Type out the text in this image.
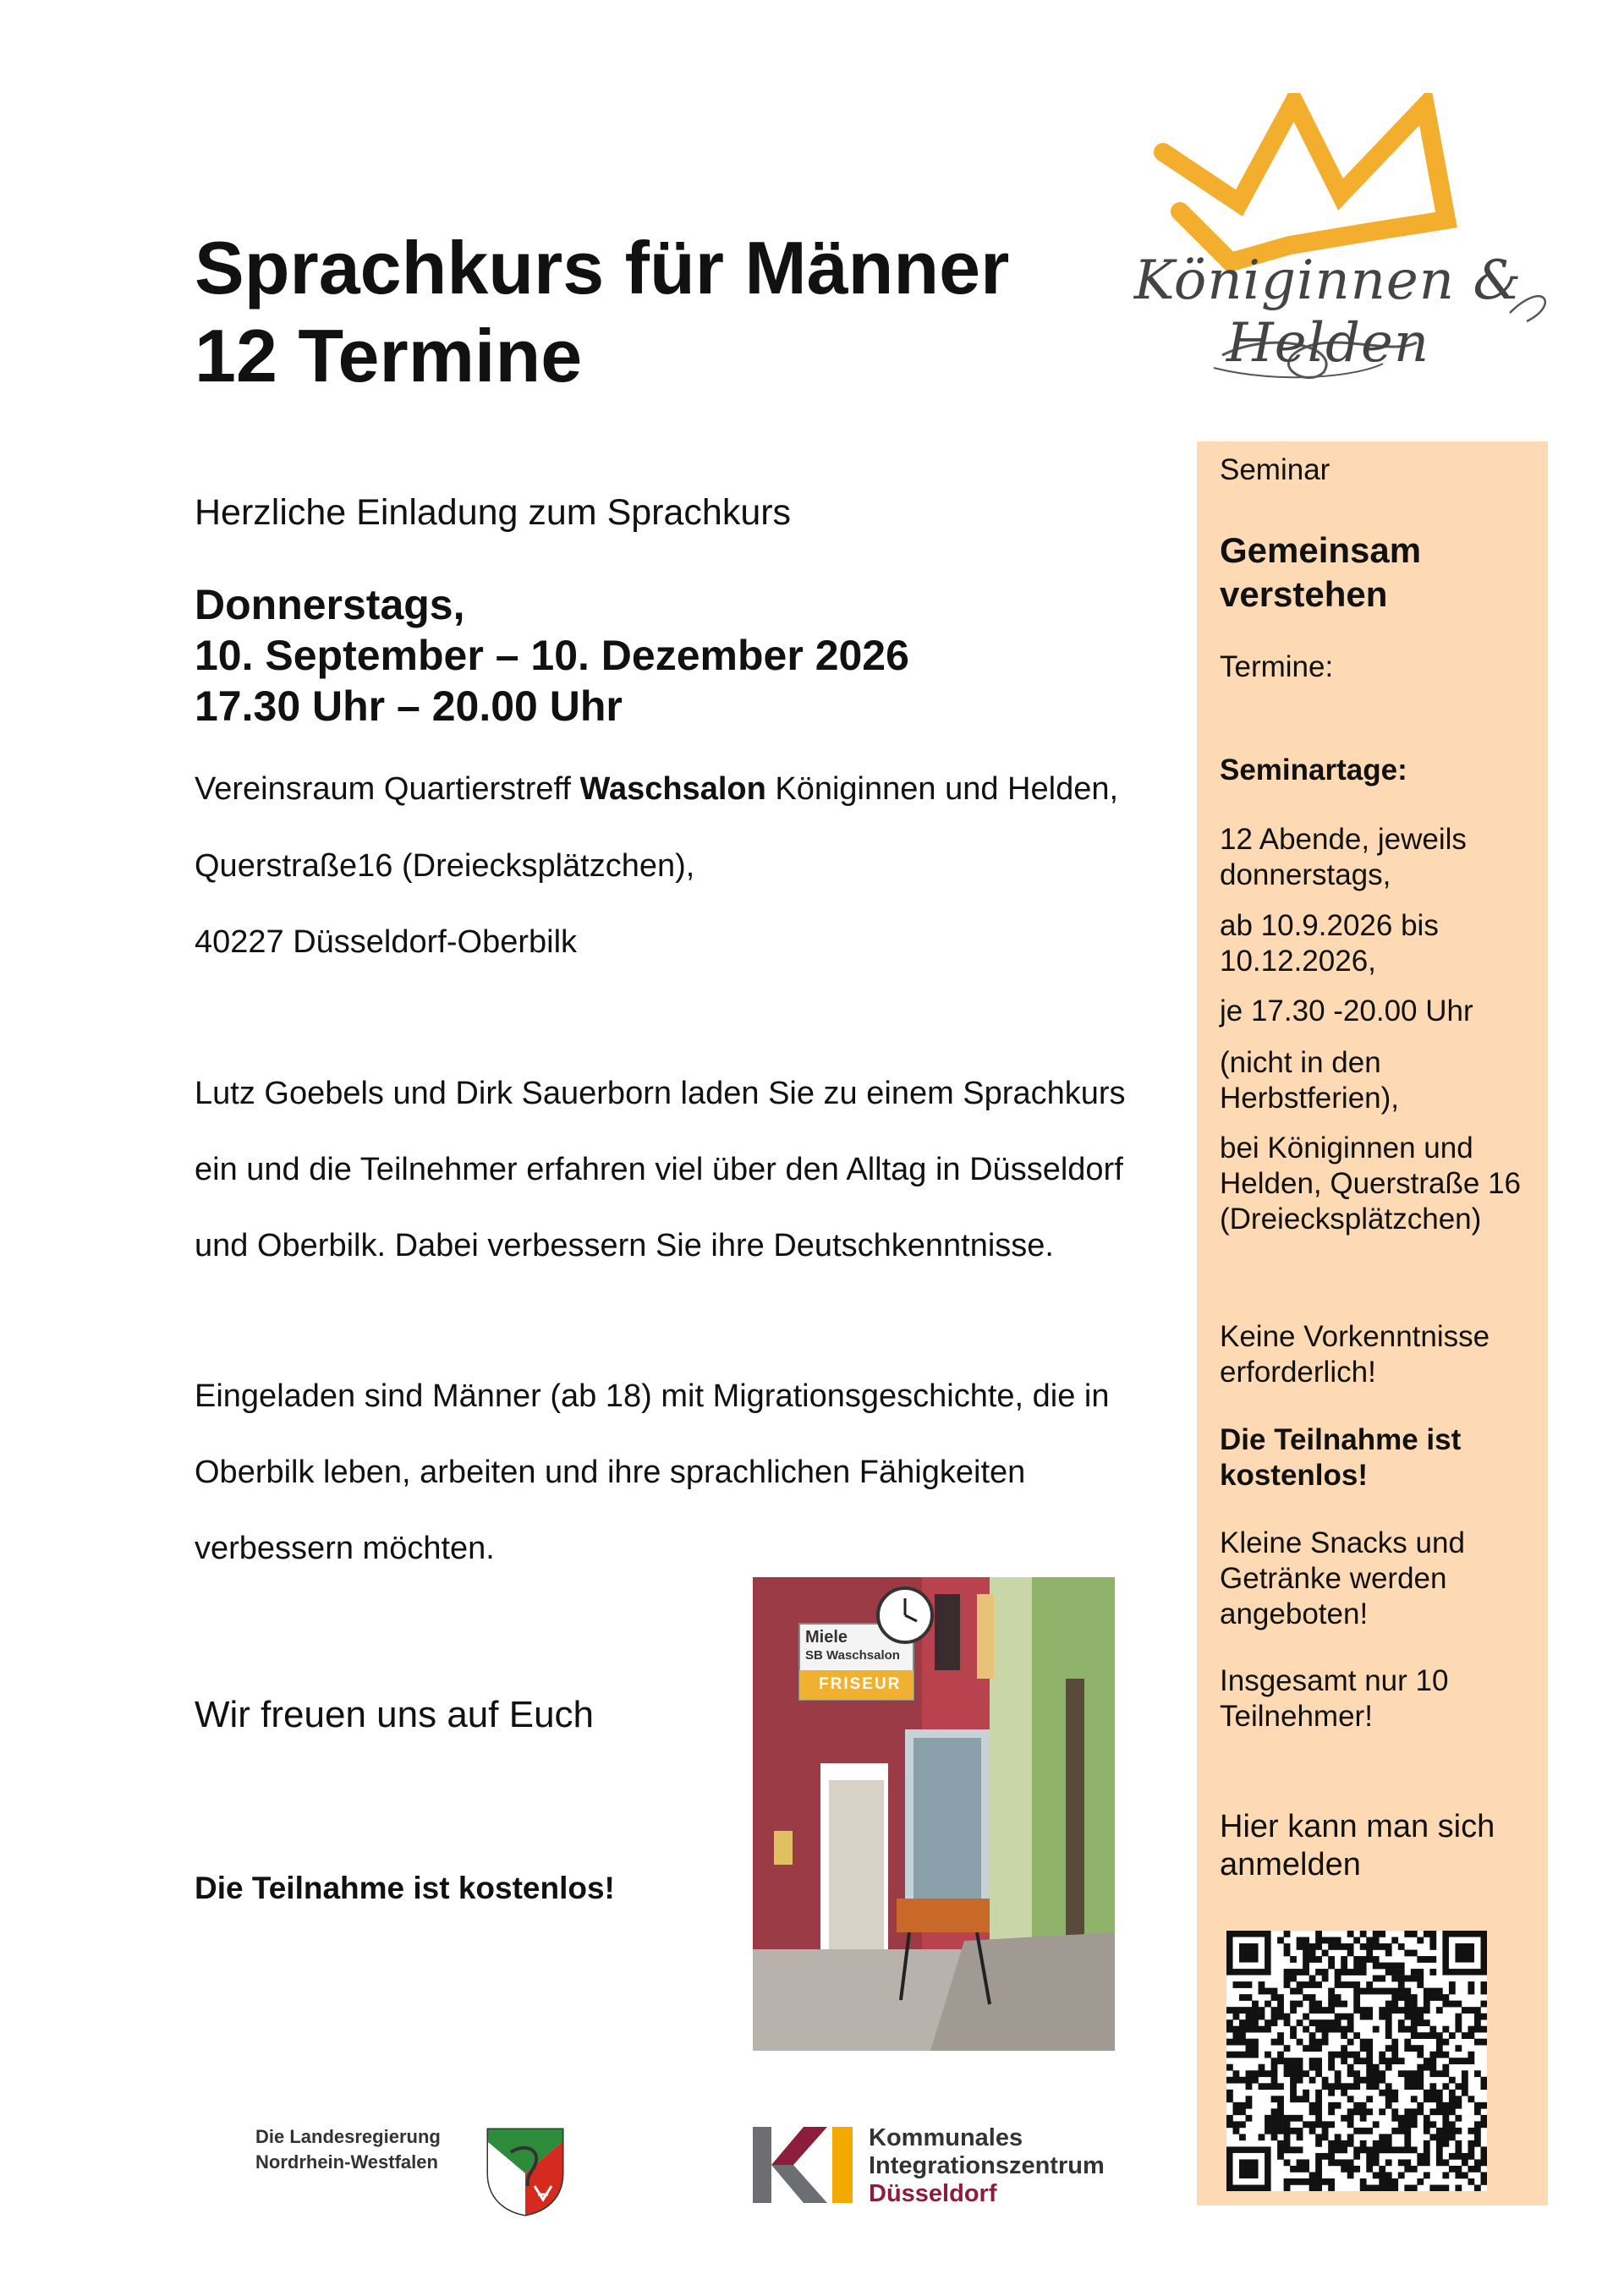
Sprachkurs für Männer
12 Termine
Königinnen & Helden
Herzliche Einladung zum Sprachkurs
Donnerstags,
10. September – 10. Dezember 2026
17.30 Uhr – 20.00 Uhr
Vereinsraum Quartierstreff Waschsalon Königinnen und Helden,
Querstraße16 (Dreiecksplätzchen),
40227 Düsseldorf-Oberbilk
Lutz Goebels und Dirk Sauerborn laden Sie zu einem Sprachkurs
ein und die Teilnehmer erfahren viel über den Alltag in Düsseldorf
und Oberbilk. Dabei verbessern Sie ihre Deutschkenntnisse.
Eingeladen sind Männer (ab 18) mit Migrationsgeschichte, die in
Oberbilk leben, arbeiten und ihre sprachlichen Fähigkeiten
verbessern möchten.
Wir freuen uns auf Euch
Die Teilnahme ist kostenlos!
Miele
SB Waschsalon
FRISEUR
Seminar
Gemeinsam
verstehen
Termine:
Seminartage:
12 Abende, jeweils
donnerstags,
ab 10.9.2026 bis
10.12.2026,
je 17.30 -20.00 Uhr
(nicht in den
Herbstferien),
bei Königinnen und
Helden, Querstraße 16
(Dreiecksplätzchen)
Keine Vorkenntnisse
erforderlich!
Die Teilnahme ist
kostenlos!
Kleine Snacks und
Getränke werden
angeboten!
Insgesamt nur 10
Teilnehmer!
Hier kann man sich
anmelden
Die Landesregierung
Nordrhein-Westfalen
Kommunales
Integrationszentrum
Düsseldorf
